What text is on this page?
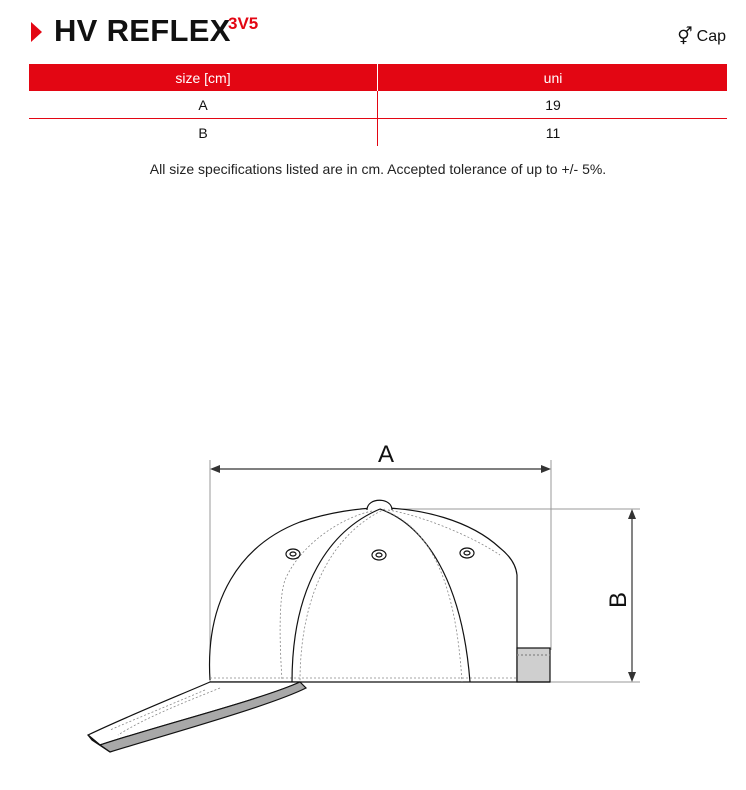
HV REFLEX
3V5
⚥ Cap
size [cm]	uni
A	19
B	11
All size specifications listed are in cm. Accepted tolerance of up to +/- 5%.
A
B
